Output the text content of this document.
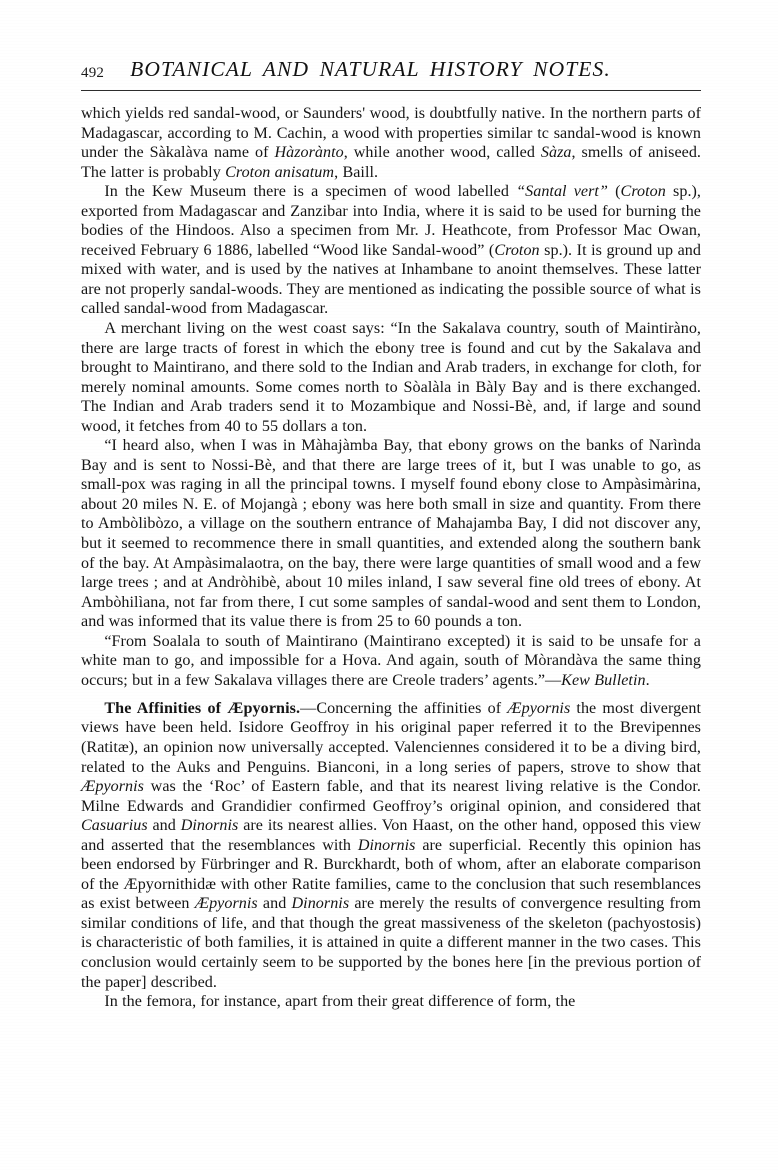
492	BOTANICAL AND NATURAL HISTORY NOTES.

which yields red sandal-wood, or Saunders' wood, is doubtfully native. In the northern parts of Madagascar, according to M. Cachin, a wood with properties similar tc sandal-wood is known under the Sàkalàva name of Hàzorànto, while another wood, called Sàza, smells of aniseed. The latter is probably Croton anisatum, Baill.

In the Kew Museum there is a specimen of wood labelled “Santal vert” (Croton sp.), exported from Madagascar and Zanzibar into India, where it is said to be used for burning the bodies of the Hindoos. Also a specimen from Mr. J. Heathcote, from Professor Mac Owan, received February 6 1886, labelled “Wood like Sandal-wood” (Croton sp.). It is ground up and mixed with water, and is used by the natives at Inhambane to anoint themselves. These latter are not properly sandal-woods. They are mentioned as indicating the possible source of what is called sandal-wood from Madagascar.

A merchant living on the west coast says: “In the Sakalava country, south of Maintiràno, there are large tracts of forest in which the ebony tree is found and cut by the Sakalava and brought to Maintirano, and there sold to the Indian and Arab traders, in exchange for cloth, for merely nominal amounts. Some comes north to Sòalàla in Bàly Bay and is there exchanged. The Indian and Arab traders send it to Mozambique and Nossi-Bè, and, if large and sound wood, it fetches from 40 to 55 dollars a ton.

“I heard also, when I was in Màhajàmba Bay, that ebony grows on the banks of Narìnda Bay and is sent to Nossi-Bè, and that there are large trees of it, but I was unable to go, as small-pox was raging in all the principal towns. I myself found ebony close to Ampàsimàrina, about 20 miles N. E. of Mojangà ; ebony was here both small in size and quantity. From there to Ambòlibòzo, a village on the southern entrance of Mahajamba Bay, I did not discover any, but it seemed to recommence there in small quantities, and extended along the southern bank of the bay. At Ampàsimalaotra, on the bay, there were large quantities of small wood and a few large trees ; and at Andròhibè, about 10 miles inland, I saw several fine old trees of ebony. At Ambòhilìana, not far from there, I cut some samples of sandal-wood and sent them to London, and was informed that its value there is from 25 to 60 pounds a ton.

“From Soalala to south of Maintirano (Maintirano excepted) it is said to be unsafe for a white man to go, and impossible for a Hova. And again, south of Mòrandàva the same thing occurs; but in a few Sakalava villages there are Creole traders’ agents.”—Kew Bulletin.

The Affinities of Æpyornis.—Concerning the affinities of Æpyornis the most divergent views have been held. Isidore Geoffroy in his original paper referred it to the Brevipennes (Ratitæ), an opinion now universally accepted. Valenciennes considered it to be a diving bird, related to the Auks and Penguins. Bianconi, in a long series of papers, strove to show that Æpyornis was the ‘Roc’ of Eastern fable, and that its nearest living relative is the Condor. Milne Edwards and Grandidier confirmed Geoffroy’s original opinion, and considered that Casuarius and Dinornis are its nearest allies. Von Haast, on the other hand, opposed this view and asserted that the resemblances with Dinornis are superficial. Recently this opinion has been endorsed by Fürbringer and R. Burckhardt, both of whom, after an elaborate comparison of the Æpyornithidæ with other Ratite families, came to the conclusion that such resemblances as exist between Æpyornis and Dinornis are merely the results of convergence resulting from similar conditions of life, and that though the great massiveness of the skeleton (pachyostosis) is characteristic of both families, it is attained in quite a different manner in the two cases. This conclusion would certainly seem to be supported by the bones here [in the previous portion of the paper] described.

In the femora, for instance, apart from their great difference of form, the
